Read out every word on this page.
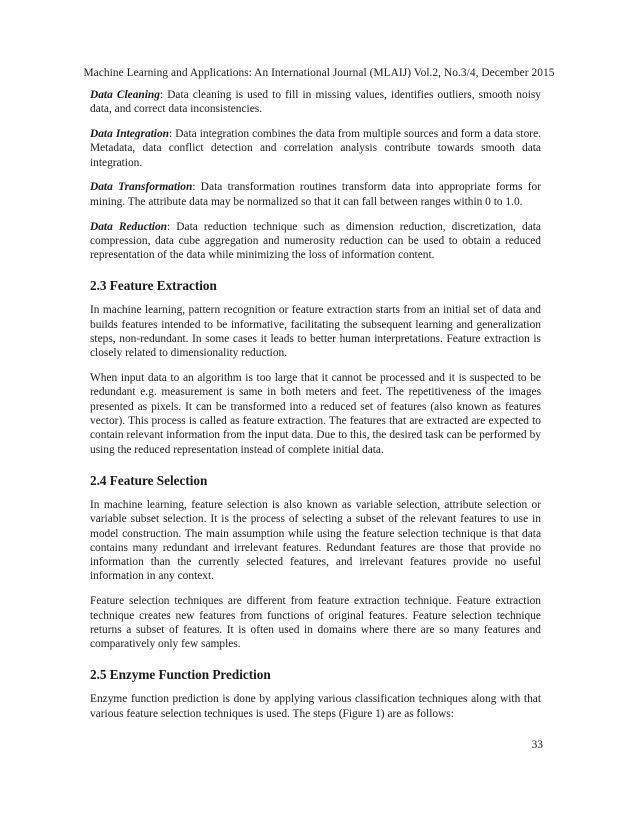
Machine Learning and Applications: An International Journal (MLAIJ) Vol.2, No.3/4, December 2015

Data Cleaning: Data cleaning is used to fill in missing values, identifies outliers, smooth noisy data, and correct data inconsistencies.

Data Integration: Data integration combines the data from multiple sources and form a data store. Metadata, data conflict detection and correlation analysis contribute towards smooth data integration.

Data Transformation: Data transformation routines transform data into appropriate forms for mining. The attribute data may be normalized so that it can fall between ranges within 0 to 1.0.

Data Reduction: Data reduction technique such as dimension reduction, discretization, data compression, data cube aggregation and numerosity reduction can be used to obtain a reduced representation of the data while minimizing the loss of information content.

2.3 Feature Extraction

In machine learning, pattern recognition or feature extraction starts from an initial set of data and builds features intended to be informative, facilitating the subsequent learning and generalization steps, non-redundant. In some cases it leads to better human interpretations. Feature extraction is closely related to dimensionality reduction.

When input data to an algorithm is too large that it cannot be processed and it is suspected to be redundant e.g. measurement is same in both meters and feet. The repetitiveness of the images presented as pixels. It can be transformed into a reduced set of features (also known as features vector). This process is called as feature extraction. The features that are extracted are expected to contain relevant information from the input data. Due to this, the desired task can be performed by using the reduced representation instead of complete initial data.

2.4 Feature Selection

In machine learning, feature selection is also known as variable selection, attribute selection or variable subset selection. It is the process of selecting a subset of the relevant features to use in model construction. The main assumption while using the feature selection technique is that data contains many redundant and irrelevant features. Redundant features are those that provide no information than the currently selected features, and irrelevant features provide no useful information in any context.

Feature selection techniques are different from feature extraction technique. Feature extraction technique creates new features from functions of original features. Feature selection technique returns a subset of features. It is often used in domains where there are so many features and comparatively only few samples.

2.5 Enzyme Function Prediction

Enzyme function prediction is done by applying various classification techniques along with that various feature selection techniques is used. The steps (Figure 1) are as follows:

33
